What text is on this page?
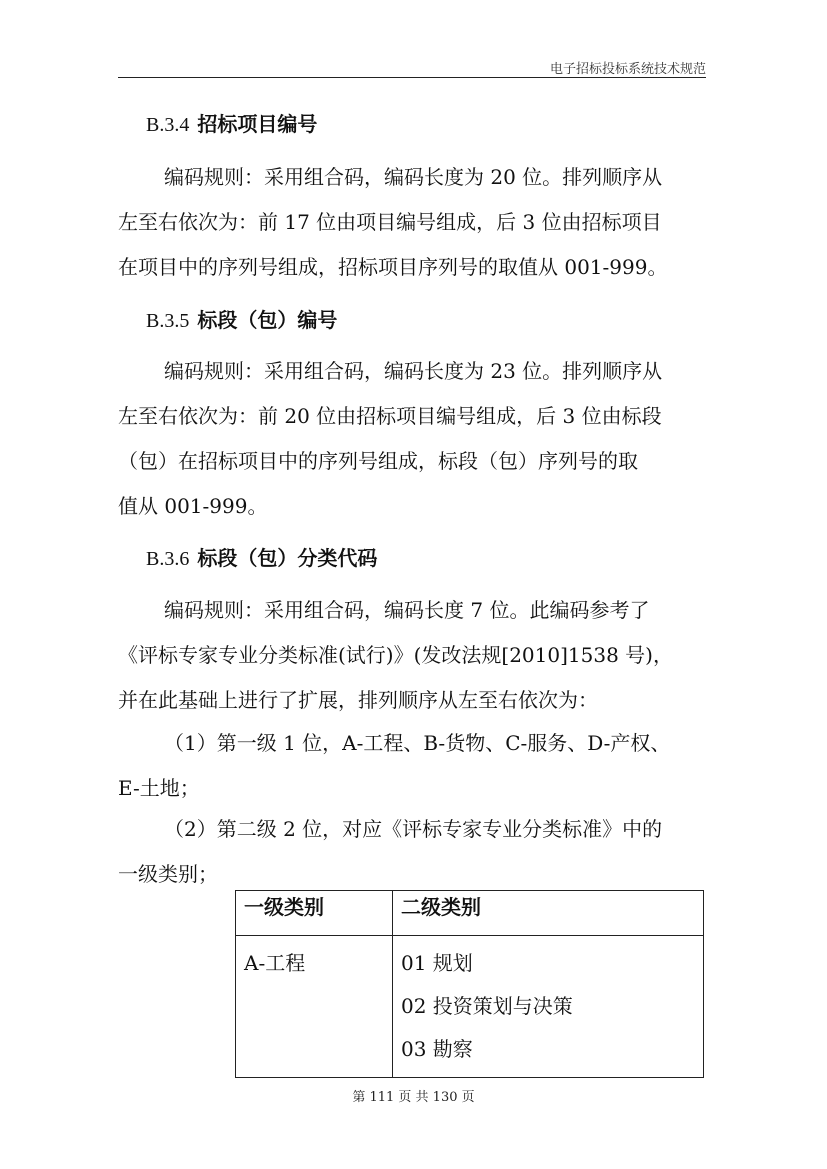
电子招标投标系统技术规范
B.3.4 招标项目编号

编码规则：采用组合码，编码长度为 20 位。排列顺序从
左至右依次为：前 17 位由项目编号组成，后 3 位由招标项目
在项目中的序列号组成，招标项目序列号的取值从 001-999。

B.3.5 标段（包）编号

编码规则：采用组合码，编码长度为 23 位。排列顺序从
左至右依次为：前 20 位由招标项目编号组成，后 3 位由标段
（包）在招标项目中的序列号组成，标段（包）序列号的取
值从 001-999。

B.3.6 标段（包）分类代码

编码规则：采用组合码，编码长度 7 位。此编码参考了
《评标专家专业分类标准(试行)》(发改法规[2010]1538 号)，
并在此基础上进行了扩展，排列顺序从左至右依次为：

（1）第一级 1 位，A-工程、B-货物、C-服务、D-产权、
E-土地；

（2）第二级 2 位，对应《评标专家专业分类标准》中的
一级类别；

一级类别	二级类别

A-工程	01 规划
02 投资策划与决策
03 勘察
第 111 页 共 130 页
